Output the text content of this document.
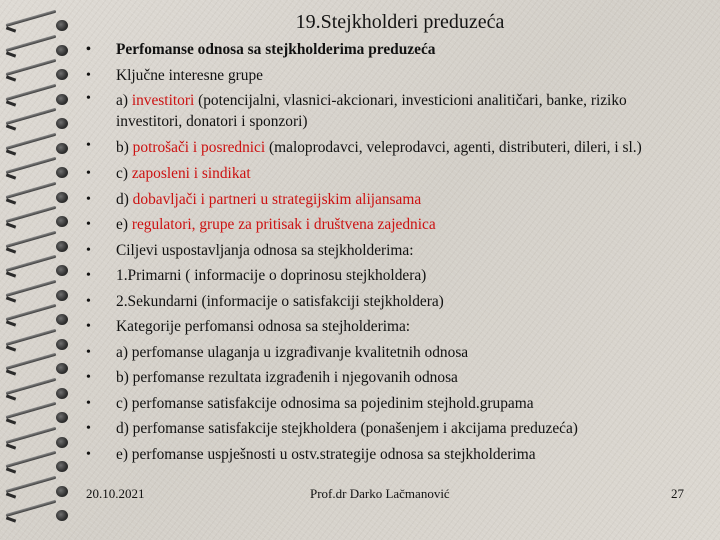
19.Stejkholderi preduzeća
• Perfomanse odnosa sa stejkholderima preduzeća
• Ključne interesne grupe
• a) investitori (potencijalni, vlasnici-akcionari, investicioni analitičari, banke, riziko investitori, donatori i sponzori)
• b) potrošači i posrednici (maloprodavci, veleprodavci, agenti, distributeri, dileri, i sl.)
• c) zaposleni i sindikat
• d) dobavljači i partneri u strategijskim alijansama
• e) regulatori, grupe za pritisak i društvena zajednica
• Ciljevi uspostavljanja odnosa sa stejkholderima:
• 1.Primarni ( informacije o doprinosu stejkholdera)
• 2.Sekundarni (informacije o satisfakciji stejkholdera)
• Kategorije perfomansi odnosa sa stejholderima:
• a) perfomanse ulaganja u izgrađivanje kvalitetnih odnosa
• b) perfomanse rezultata izgrađenih i njegovanih odnosa
• c) perfomanse satisfakcije odnosima sa pojedinim stejhold.grupama
• d) perfomanse satisfakcije stejkholdera (ponašenjem i akcijama preduzeća)
• e) perfomanse uspješnosti u ostv.strategije odnosa sa stejkholderima
20.10.2021	Prof.dr Darko Lačmanović	27
